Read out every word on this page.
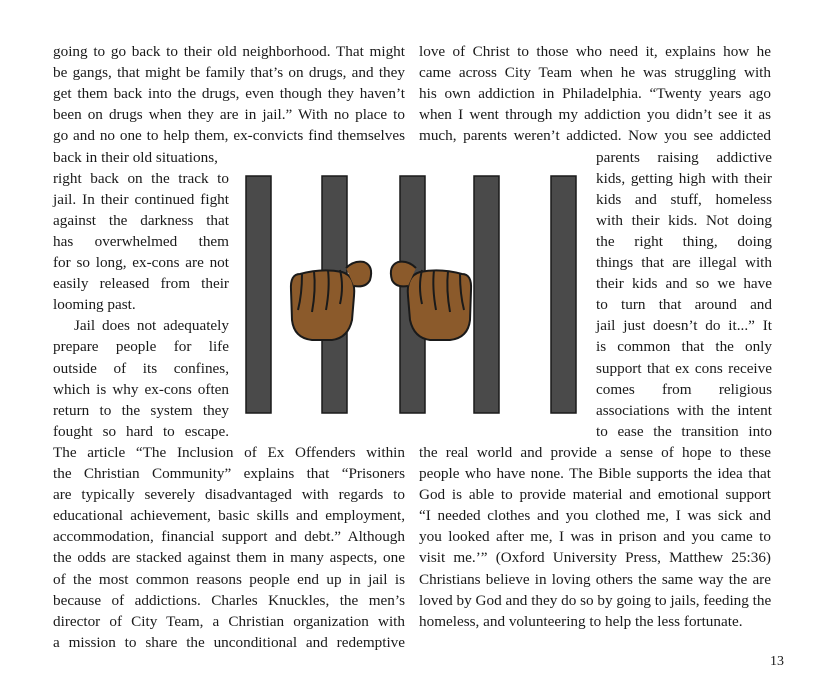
going to go back to their old neighborhood. That might
be gangs, that might be family that’s on drugs, and they
get them back into the drugs, even though they haven’t
been on drugs when they are in jail.” With no place to
go and no one to help them, ex-convicts find themselves
back in their old situations,
right back on the track to
jail. In their continued fight
against the darkness that
has overwhelmed them
for so long, ex-cons are not
easily released from their
looming past.
Jail does not adequately
prepare people for life
outside of its confines,
which is why ex-cons often
return to the system they
fought so hard to escape.
The article “The Inclusion of Ex Offenders within
the Christian Community” explains that “Prisoners
are typically severely disadvantaged with regards to
educational achievement, basic skills and employment,
accommodation, financial support and debt.” Although
the odds are stacked against them in many aspects, one
of the most common reasons people end up in jail is
because of addictions. Charles Knuckles, the men’s
director of City Team, a Christian organization with
a mission to share the unconditional and redemptive
love of Christ to those who need it, explains how he
came across City Team when he was struggling with
his own addiction in Philadelphia. “Twenty years ago
when I went through my addiction you didn’t see it as
much, parents weren’t addicted. Now you see addicted
parents raising addictive
kids, getting high with their
kids and stuff, homeless
with their kids. Not doing
the right thing, doing
things that are illegal with
their kids and so we have
to turn that around and
jail just doesn’t do it...” It
is common that the only
support that ex cons receive
comes from religious
associations with the intent
to ease the transition into
the real world and provide a sense of hope to these
people who have none. The Bible supports the idea that
God is able to provide material and emotional support
“I needed clothes and you clothed me, I was sick and
you looked after me, I was in prison and you came to
visit me.’” (Oxford University Press, Matthew 25:36)
Christians believe in loving others the same way the are
loved by God and they do so by going to jails, feeding the
homeless, and volunteering to help the less fortunate.
13
